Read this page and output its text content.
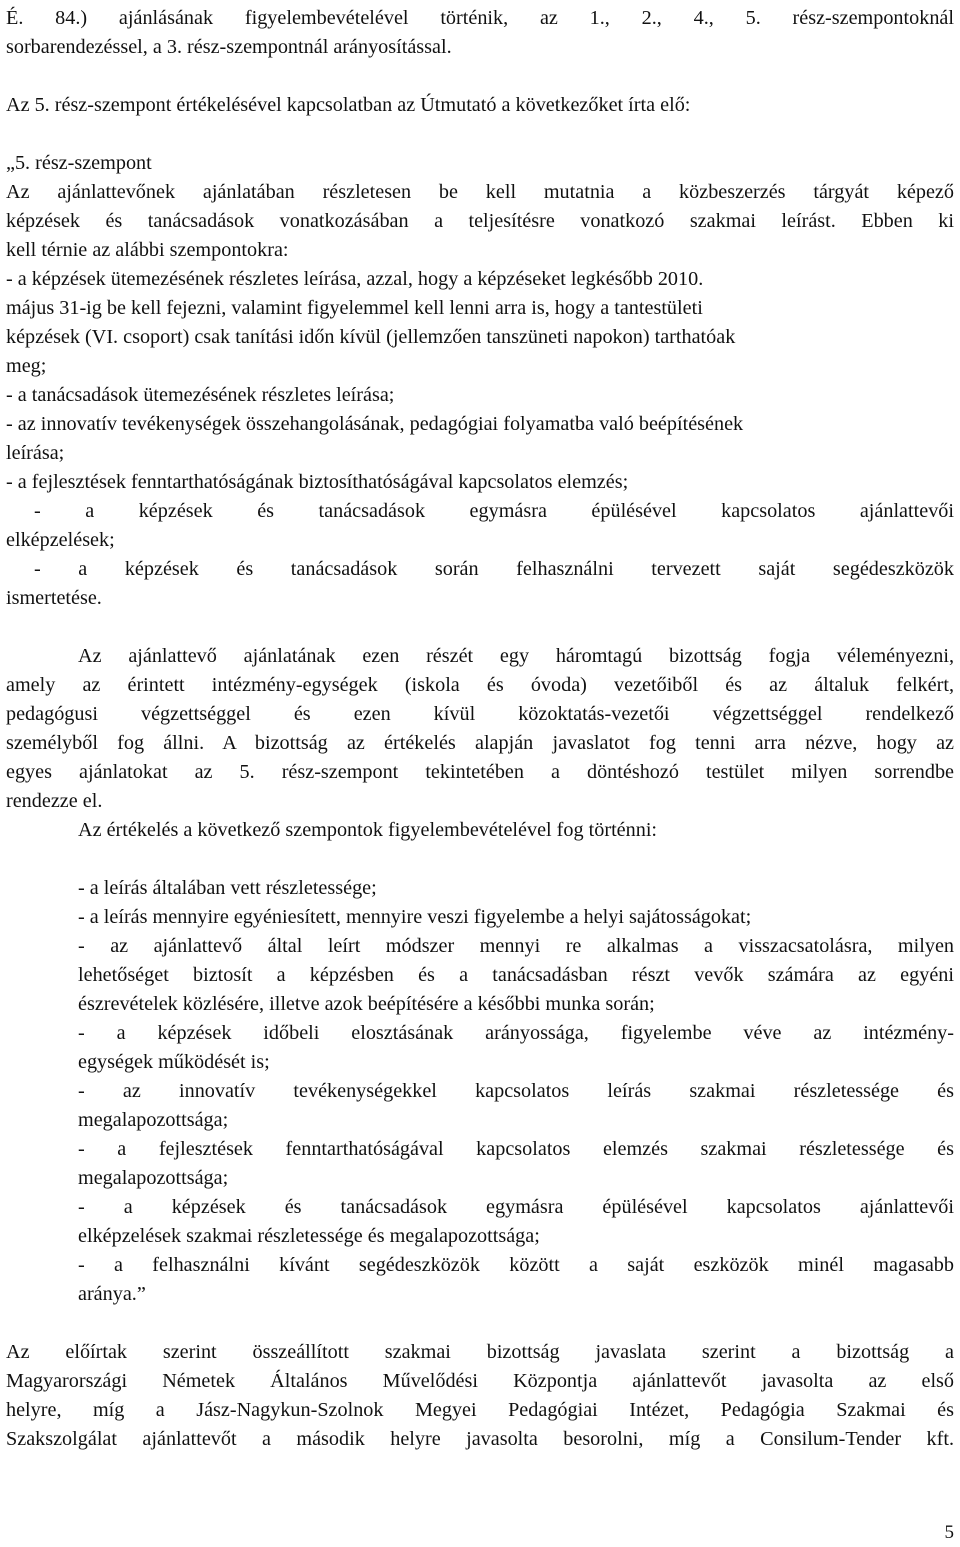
É. 84.) ajánlásának figyelembevételével történik, az 1., 2., 4., 5. rész-szempontoknál
sorbarendezéssel, a 3. rész-szempontnál arányosítással.
Az 5. rész-szempont értékelésével kapcsolatban az Útmutató a következőket írta elő:
„5. rész-szempont
Az ajánlattevőnek ajánlatában részletesen be kell mutatnia a közbeszerzés tárgyát képező
képzések és tanácsadások vonatkozásában a teljesítésre vonatkozó szakmai leírást. Ebben ki
kell térnie az alábbi szempontokra:
- a képzések ütemezésének részletes leírása, azzal, hogy a képzéseket legkésőbb 2010.
május 31-ig be kell fejezni, valamint figyelemmel kell lenni arra is, hogy a tantestületi
képzések (VI. csoport) csak tanítási időn kívül (jellemzően tanszüneti napokon) tarthatóak
meg;
- a tanácsadások ütemezésének részletes leírása;
- az innovatív tevékenységek összehangolásának, pedagógiai folyamatba való beépítésének
leírása;
- a fejlesztések fenntarthatóságának biztosíthatóságával kapcsolatos elemzés;
- a képzések és tanácsadások egymásra épülésével kapcsolatos ajánlattevői
elképzelések;
- a képzések és tanácsadások során felhasználni tervezett saját segédeszközök
ismertetése.
Az ajánlattevő ajánlatának ezen részét egy háromtagú bizottság fogja véleményezni,
amely az érintett intézmény-egységek (iskola és óvoda) vezetőiből és az általuk felkért,
pedagógusi végzettséggel és ezen kívül közoktatás-vezetői végzettséggel rendelkező
személyből fog állni. A bizottság az értékelés alapján javaslatot fog tenni arra nézve, hogy az
egyes ajánlatokat az 5. rész-szempont tekintetében a döntéshozó testület milyen sorrendbe
rendezze el.
Az értékelés a következő szempontok figyelembevételével fog történni:
- a leírás általában vett részletessége;
- a leírás mennyire egyéniesített, mennyire veszi figyelembe a helyi sajátosságokat;
- az ajánlattevő által leírt módszer mennyi re alkalmas a visszacsatolásra, milyen
lehetőséget biztosít a képzésben és a tanácsadásban részt vevők számára az egyéni
észrevételek közlésére, illetve azok beépítésére a későbbi munka során;
- a képzések időbeli elosztásának arányossága, figyelembe véve az intézmény-
egységek működését is;
- az innovatív tevékenységekkel kapcsolatos leírás szakmai részletessége és
megalapozottsága;
- a fejlesztések fenntarthatóságával kapcsolatos elemzés szakmai részletessége és
megalapozottsága;
- a képzések és tanácsadások egymásra épülésével kapcsolatos ajánlattevői
elképzelések szakmai részletessége és megalapozottsága;
- a felhasználni kívánt segédeszközök között a saját eszközök minél magasabb
aránya.”
Az előírtak szerint összeállított szakmai bizottság javaslata szerint a bizottság a
Magyarországi Németek Általános Művelődési Központja ajánlattevőt javasolta az első
helyre, míg a Jász-Nagykun-Szolnok Megyei Pedagógiai Intézet, Pedagógia Szakmai és
Szakszolgálat ajánlattevőt a második helyre javasolta besorolni, míg a Consilum-Tender kft.
5
